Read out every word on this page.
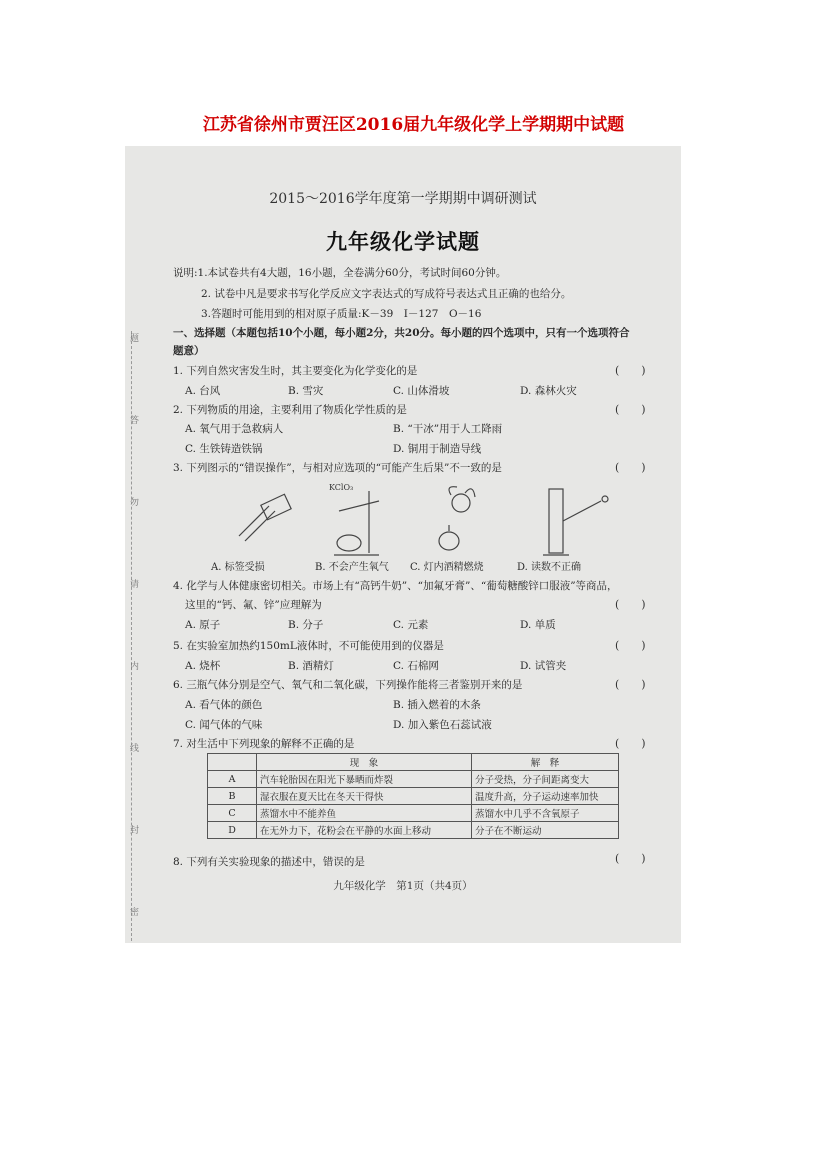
江苏省徐州市贾汪区2016届九年级化学上学期期中试题
题
答
勿
请
内
线
封
密
2015～2016学年度第一学期期中调研测试
九年级化学试题
说明:1.本试卷共有4大题，16小题，全卷满分60分，考试时间60分钟。
2. 试卷中凡是要求书写化学反应文字表达式的写成符号表达式且正确的也给分。
3.答题时可能用到的相对原子质量:K－39　I－127　O－16
一、选择题（本题包括10个小题，每小题2分，共20分。每小题的四个选项中，只有一个选项符合
题意）
1. 下列自然灾害发生时，其主要变化为化学变化的是	(　　)
A. 台风	B. 雪灾	C. 山体滑坡	D. 森林火灾
2. 下列物质的用途，主要利用了物质化学性质的是	(　　)
A. 氧气用于急救病人	B. “干冰”用于人工降雨
C. 生铁铸造铁锅	D. 铜用于制造导线
3. 下列图示的“错误操作”，与相对应选项的“可能产生后果”不一致的是	(　　)
KClO₃
A. 标签受损	B. 不会产生氧气 C. 灯内酒精燃烧	D. 读数不正确
4. 化学与人体健康密切相关。市场上有“高钙牛奶”、“加氟牙膏”、“葡萄糖酸锌口服液”等商品，
这里的“钙、氟、锌”应理解为	(　　)
A. 原子	B. 分子	C. 元素	D. 单质
5. 在实验室加热约150mL液体时，不可能使用到的仪器是	(　　)
A. 烧杯	B. 酒精灯	C. 石棉网	D. 试管夹
6. 三瓶气体分别是空气、氧气和二氧化碳，下列操作能将三者鉴别开来的是	(　　)
A. 看气体的颜色	B. 插入燃着的木条
C. 闻气体的气味	D. 加入紫色石蕊试液
7. 对生活中下列现象的解释不正确的是	(　　)
	现　象	解　释
A	汽车轮胎因在阳光下暴晒而炸裂	分子受热，分子间距离变大
B	湿衣服在夏天比在冬天干得快	温度升高，分子运动速率加快
C	蒸馏水中不能养鱼	蒸馏水中几乎不含氧原子
D	在无外力下，花粉会在平静的水面上移动	分子在不断运动
8. 下列有关实验现象的描述中，错误的是	(　　)
九年级化学　第1页（共4页）
